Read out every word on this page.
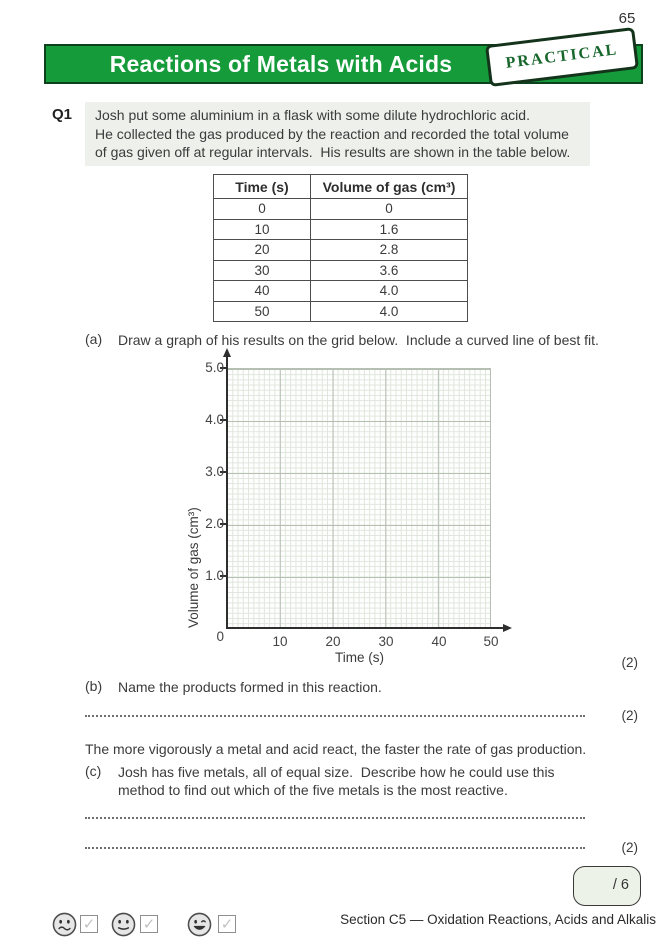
65
Reactions of Metals with Acids	PRACTICAL
Q1 Josh put some aluminium in a flask with some dilute hydrochloric acid.
He collected the gas produced by the reaction and recorded the total volume
of gas given off at regular intervals.  His results are shown in the table below.
Time (s)	Volume of gas (cm³)
0	0
10	1.6
20	2.8
30	3.6
40	4.0
50	4.0
(a) Draw a graph of his results on the grid below.  Include a curved line of best fit.
5.0
4.0
3.0
2.0
1.0
0	10	20	30	40	50
Volume of gas (cm³)
Time (s)	(2)
(b) Name the products formed in this reaction.
(2)
The more vigorously a metal and acid react, the faster the rate of gas production.
(c) Josh has five metals, all of equal size.  Describe how he could use this
method to find out which of the five metals is the most reactive.
(2)
/ 6
Section C5 — Oxidation Reactions, Acids and Alkalis
✓	✓	✓
